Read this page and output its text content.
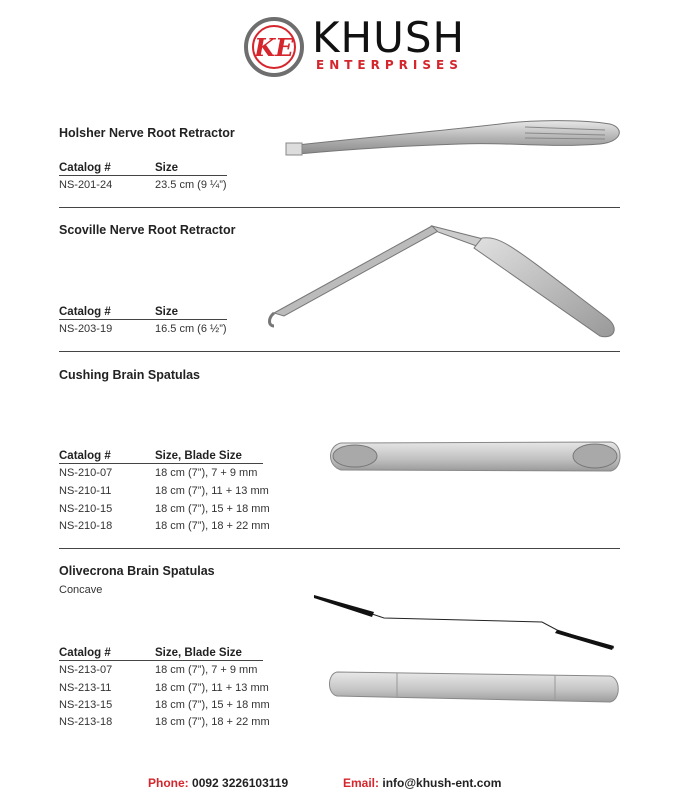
KE KHUSH
ENTERPRISES
Holsher Nerve Root Retractor
Catalog #	Size
NS-201-24	23.5 cm (9 ¼”)
Scoville Nerve Root Retractor
Catalog #	Size
NS-203-19	16.5 cm (6 ½”)
Cushing Brain Spatulas
Catalog #	Size, Blade Size
NS-210-07	18 cm (7”), 7 + 9 mm
NS-210-11	18 cm (7”), 11 + 13 mm
NS-210-15	18 cm (7”), 15 + 18 mm
NS-210-18	18 cm (7”), 18 + 22 mm
Olivecrona Brain Spatulas
Concave
Catalog #	Size, Blade Size
NS-213-07	18 cm (7”), 7 + 9 mm
NS-213-11	18 cm (7”), 11 + 13 mm
NS-213-15	18 cm (7”), 15 + 18 mm
NS-213-18	18 cm (7”), 18 + 22 mm
Phone: 0092 3226103119	Email: info@khush-ent.com
